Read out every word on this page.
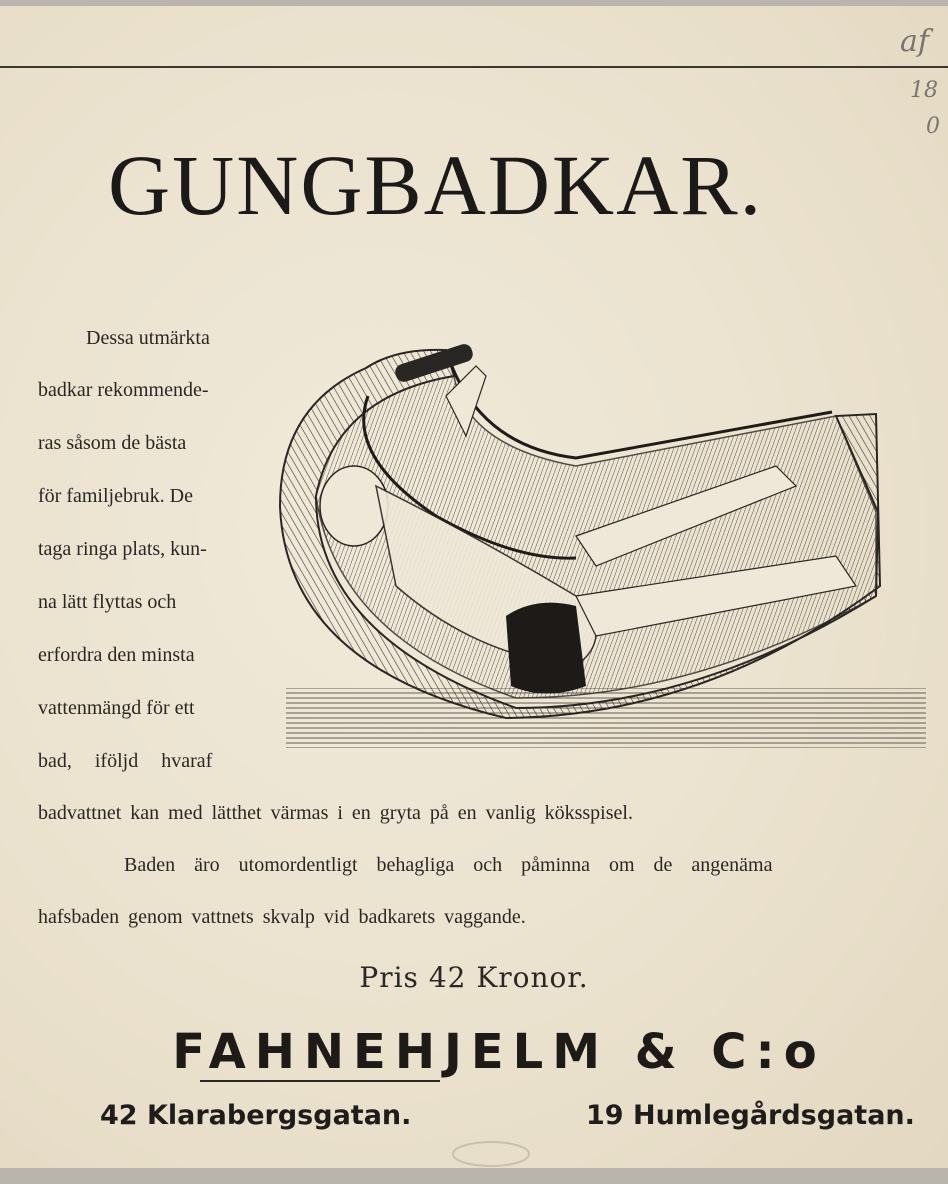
af
18
0
GUNGBADKAR.
Dessa utmärkta
badkar rekommende-
ras såsom de bästa
för familjebruk. De
taga ringa plats, kun-
na lätt flyttas och
erfordra den minsta
vattenmängd för ett
bad, iföljd hvaraf
badvattnet kan med lätthet värmas i en gryta på en vanlig köksspisel.
Baden äro utomordentligt behagliga och påminna om de angenäma
hafsbaden genom vattnets skvalp vid badkarets vaggande.
Pris 42 Kronor.
FAHNEHJELM & C:o
42 Klarabergsgatan.	19 Humlegårdsgatan.
